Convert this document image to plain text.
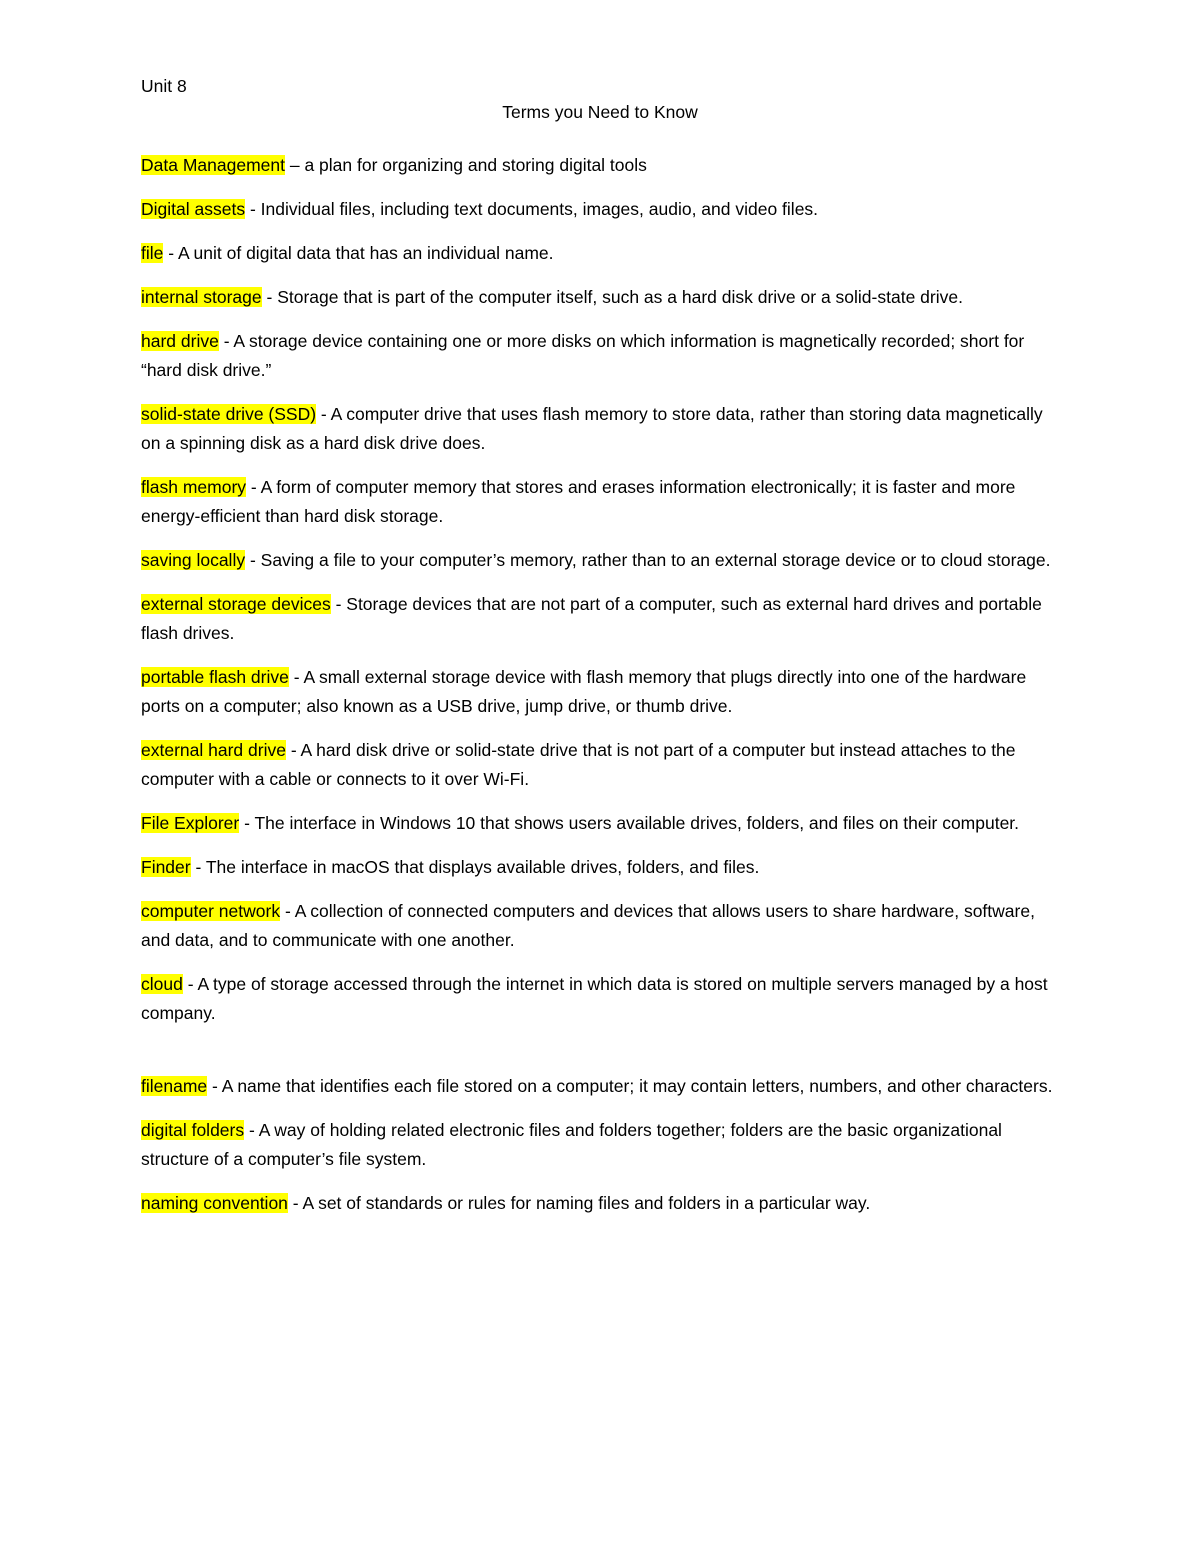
Unit 8

Terms you Need to Know
Data Management – a plan for organizing and storing digital tools
Digital assets - Individual files, including text documents, images, audio, and video files.
file - A unit of digital data that has an individual name.
internal storage - Storage that is part of the computer itself, such as a hard disk drive or a solid-state drive.
hard drive - A storage device containing one or more disks on which information is magnetically recorded; short for “hard disk drive.”
solid-state drive (SSD) - A computer drive that uses flash memory to store data, rather than storing data magnetically on a spinning disk as a hard disk drive does.
flash memory - A form of computer memory that stores and erases information electronically; it is faster and more energy-efficient than hard disk storage.
saving locally - Saving a file to your computer’s memory, rather than to an external storage device or to cloud storage.
external storage devices - Storage devices that are not part of a computer, such as external hard drives and portable flash drives.
portable flash drive - A small external storage device with flash memory that plugs directly into one of the hardware ports on a computer; also known as a USB drive, jump drive, or thumb drive.
external hard drive - A hard disk drive or solid-state drive that is not part of a computer but instead attaches to the computer with a cable or connects to it over Wi-Fi.
File Explorer - The interface in Windows 10 that shows users available drives, folders, and files on their computer.
Finder - The interface in macOS that displays available drives, folders, and files.
computer network - A collection of connected computers and devices that allows users to share hardware, software, and data, and to communicate with one another.
cloud - A type of storage accessed through the internet in which data is stored on multiple servers managed by a host company.
filename - A name that identifies each file stored on a computer; it may contain letters, numbers, and other characters.
digital folders - A way of holding related electronic files and folders together; folders are the basic organizational structure of a computer’s file system.
naming convention - A set of standards or rules for naming files and folders in a particular way.
